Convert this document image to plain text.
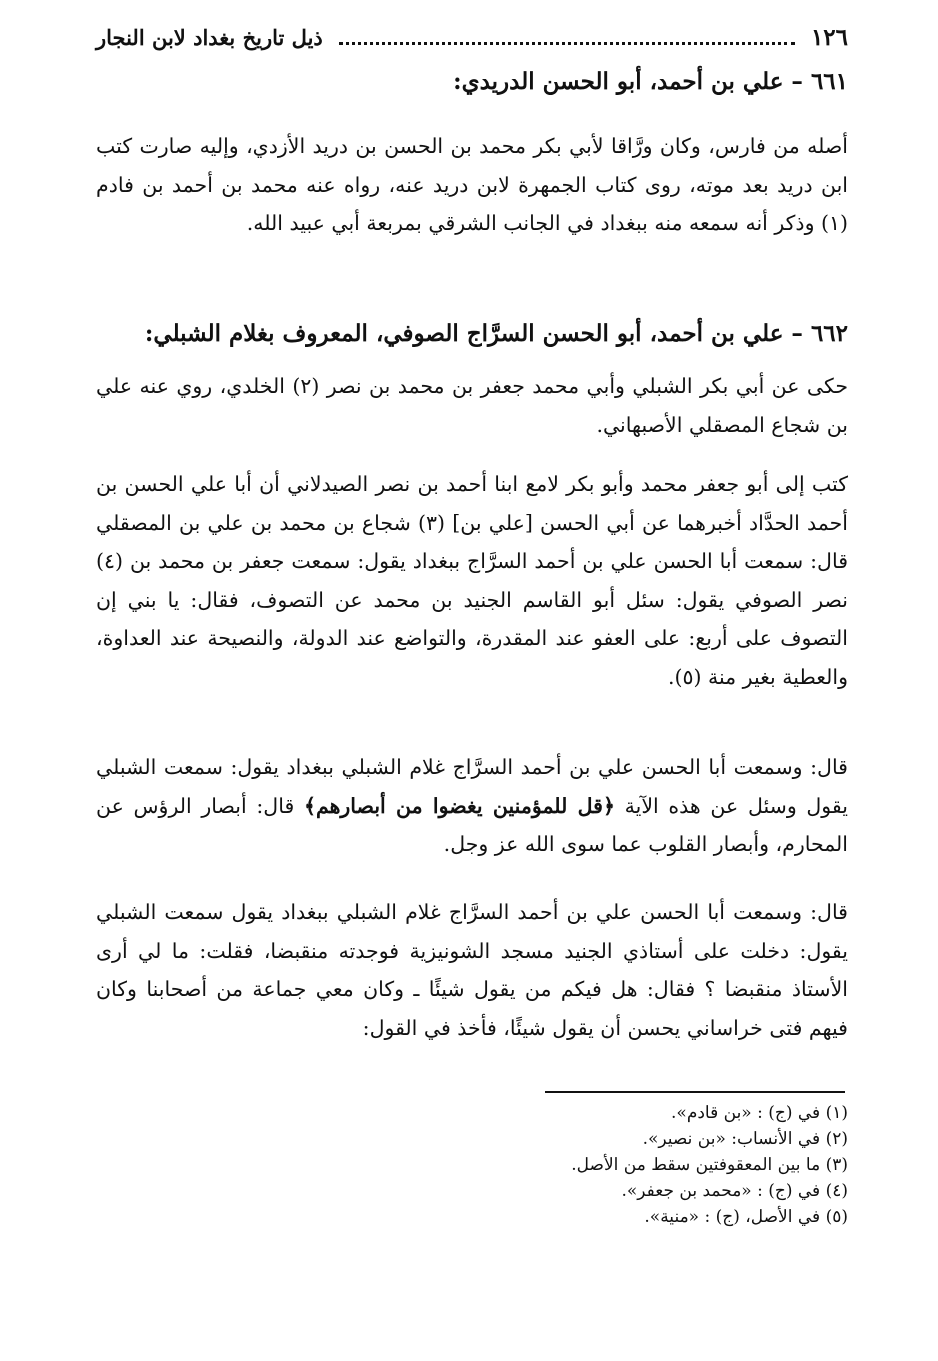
١٢٦
ذيل تاريخ بغداد لابن النجار
٦٦١ – علي بن أحمد، أبو الحسن الدريدي:
أصله من فارس، وكان ورَّاقا لأبي بكر محمد بن الحسن بن دريد الأزدي، وإليه صارت كتب ابن دريد بعد موته، روى كتاب الجمهرة لابن دريد عنه، رواه عنه محمد بن أحمد بن فادم (١) وذكر أنه سمعه منه ببغداد في الجانب الشرقي بمربعة أبي عبيد الله.
٦٦٢ – علي بن أحمد، أبو الحسن السرَّاج الصوفي، المعروف بغلام الشبلي:
حكى عن أبي بكر الشبلي وأبي محمد جعفر بن محمد بن نصر (٢) الخلدي، روي عنه علي بن شجاع المصقلي الأصبهاني.
كتب إلى أبو جعفر محمد وأبو بكر لامع ابنا أحمد بن نصر الصيدلاني أن أبا علي الحسن بن أحمد الحدَّاد أخبرهما عن أبي الحسن [علي بن] (٣) شجاع بن محمد بن علي بن المصقلي قال: سمعت أبا الحسن علي بن أحمد السرَّاج ببغداد يقول: سمعت جعفر بن محمد بن (٤) نصر الصوفي يقول: سئل أبو القاسم الجنيد بن محمد عن التصوف، فقال: يا بني إن التصوف على أربع: على العفو عند المقدرة، والتواضع عند الدولة، والنصيحة عند العداوة، والعطية بغير منة (٥).
قال: وسمعت أبا الحسن علي بن أحمد السرَّاج غلام الشبلي ببغداد يقول: سمعت الشبلي يقول وسئل عن هذه الآية ﴿قل للمؤمنين يغضوا من أبصارهم﴾ قال: أبصار الرؤس عن المحارم، وأبصار القلوب عما سوى الله عز وجل.
قال: وسمعت أبا الحسن علي بن أحمد السرَّاج غلام الشبلي ببغداد يقول سمعت الشبلي يقول: دخلت على أستاذي الجنيد مسجد الشونيزية فوجدته منقبضا، فقلت: ما لي أرى الأستاذ منقبضا ؟ فقال: هل فيكم من يقول شيئًا ـ وكان معي جماعة من أصحابنا وكان فيهم فتى خراساني يحسن أن يقول شيئًا، فأخذ في القول:
(١) في (ج) : «بن قادم».
(٢) في الأنساب: «بن نصير».
(٣) ما بين المعقوفتين سقط من الأصل.
(٤) في (ج) : «محمد بن جعفر».
(٥) في الأصل، (ج) : «منية».
